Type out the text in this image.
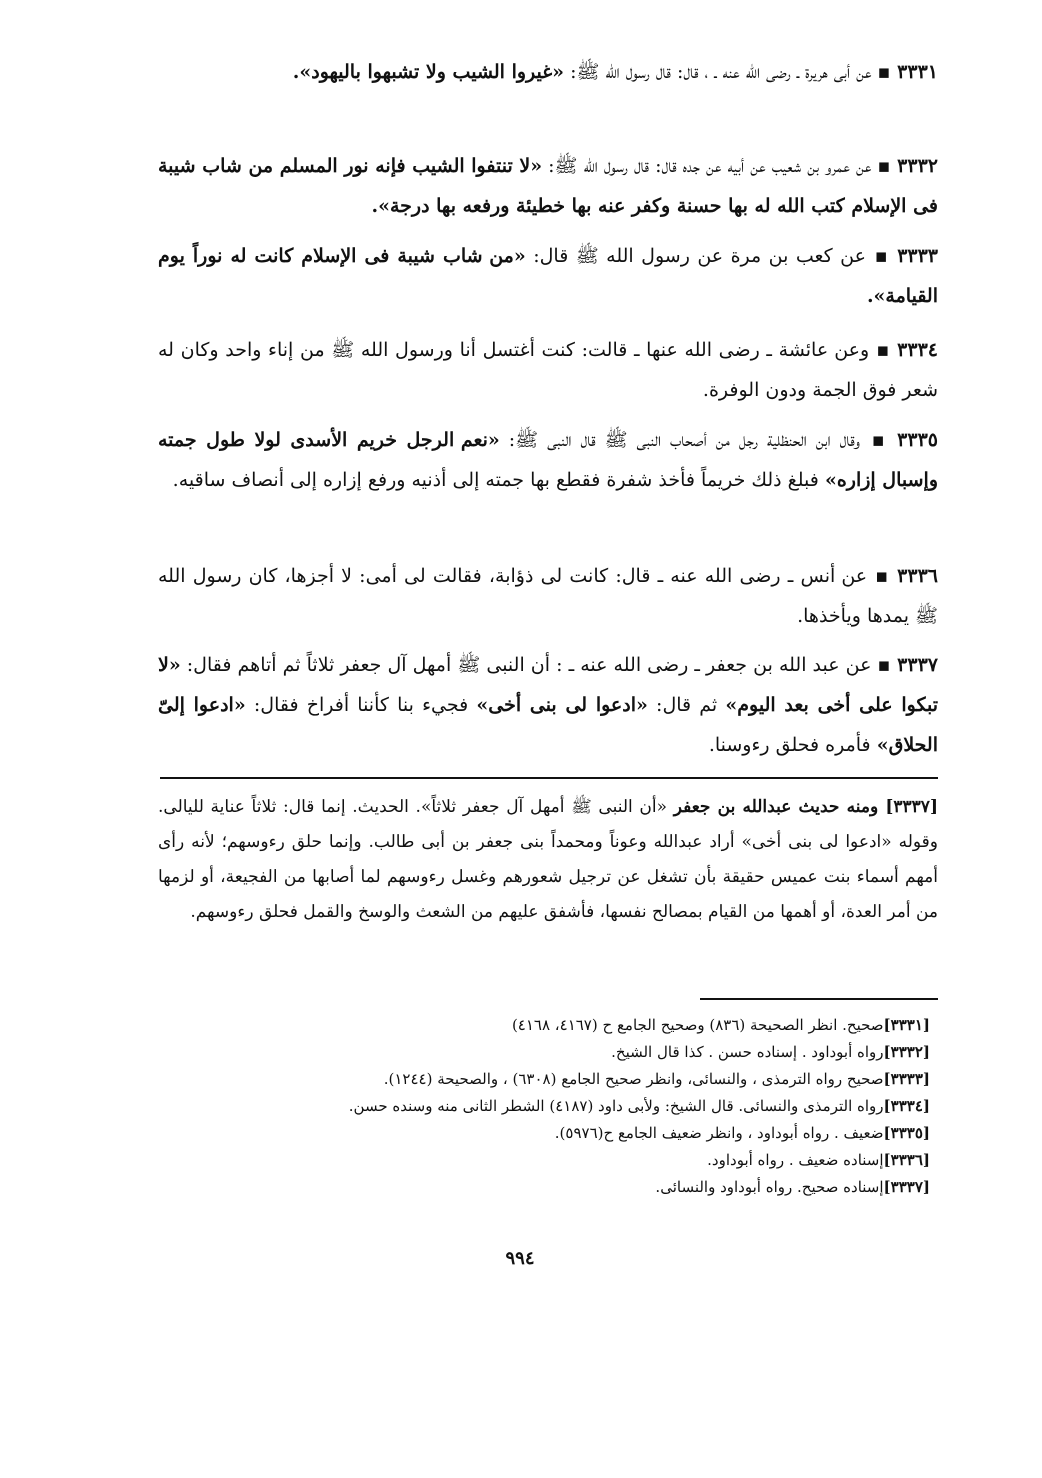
٣٣٣١ ▪ عن أبى هريرة ـ رضى الله عنه ـ ، قال: قال رسول الله ﷺ: «غيروا الشيب ولا تشبهوا باليهود».

٣٣٣٢ ▪ عن عمرو بن شعيب عن أبيه عن جده قال: قال رسول الله ﷺ: «لا تنتفوا الشيب فإنه نور المسلم من شاب شيبة فى الإسلام كتب الله له بها حسنة وكفر عنه بها خطيئة ورفعه بها درجة».

٣٣٣٣ ▪ عن كعب بن مرة عن رسول الله ﷺ قال: «من شاب شيبة فى الإسلام كانت له نوراً يوم القيامة».

٣٣٣٤ ▪ وعن عائشة ـ رضى الله عنها ـ قالت: كنت أغتسل أنا ورسول الله ﷺ من إناء واحد وكان له شعر فوق الجمة ودون الوفرة.

٣٣٣٥ ▪ وقال ابن الحنظلية رجل من أصحاب النبى ﷺ قال النبى ﷺ: «نعم الرجل خريم الأسدى لولا طول جمته وإسبال إزاره» فبلغ ذلك خريماً فأخذ شفرة فقطع بها جمته إلى أذنيه ورفع إزاره إلى أنصاف ساقيه.

٣٣٣٦ ▪ عن أنس ـ رضى الله عنه ـ قال: كانت لى ذؤابة، فقالت لى أمى: لا أجزها، كان رسول الله ﷺ يمدها ويأخذها.

٣٣٣٧ ▪ عن عبد الله بن جعفر ـ رضى الله عنه ـ : أن النبى ﷺ أمهل آل جعفر ثلاثاً ثم أتاهم فقال: «لا تبكوا على أخى بعد اليوم» ثم قال: «ادعوا لى بنى أخى» فجيء بنا كأننا أفراخ فقال: «ادعوا إلىّ الحلاق» فأمره فحلق رءوسنا.

[٣٣٣٧] ومنه حديث عبدالله بن جعفر «أن النبى ﷺ أمهل آل جعفر ثلاثاً». الحديث. إنما قال: ثلاثاً عناية لليالى. وقوله «ادعوا لى بنى أخى» أراد عبدالله وعوناً ومحمداً بنى جعفر بن أبى طالب. وإنما حلق رءوسهم؛ لأنه رأى أمهم أسماء بنت عميس حقيقة بأن تشغل عن ترجيل شعورهم وغسل رءوسهم لما أصابها من الفجيعة، أو لزمها من أمر العدة، أو أهمها من القيام بمصالح نفسها، فأشفق عليهم من الشعث والوسخ والقمل فحلق رءوسهم.

[٣٣٣١]صحيح. انظر الصحيحة (٨٣٦) وصحيح الجامع ح (٤١٦٧، ٤١٦٨)
[٣٣٣٢]رواه أبوداود . إسناده حسن . كذا قال الشيخ.
[٣٣٣٣]صحيح رواه الترمذى ، والنسائى، وانظر صحيح الجامع (٦٣٠٨) ، والصحيحة (١٢٤٤).
[٣٣٣٤]رواه الترمذى والنسائى. قال الشيخ: ولأبى داود (٤١٨٧) الشطر الثانى منه وسنده حسن.
[٣٣٣٥]ضعيف . رواه أبوداود ، وانظر ضعيف الجامع ح(٥٩٧٦).
[٣٣٣٦]إسناده ضعيف . رواه أبوداود.
[٣٣٣٧]إسناده صحيح. رواه أبوداود والنسائى.
٩٩٤
